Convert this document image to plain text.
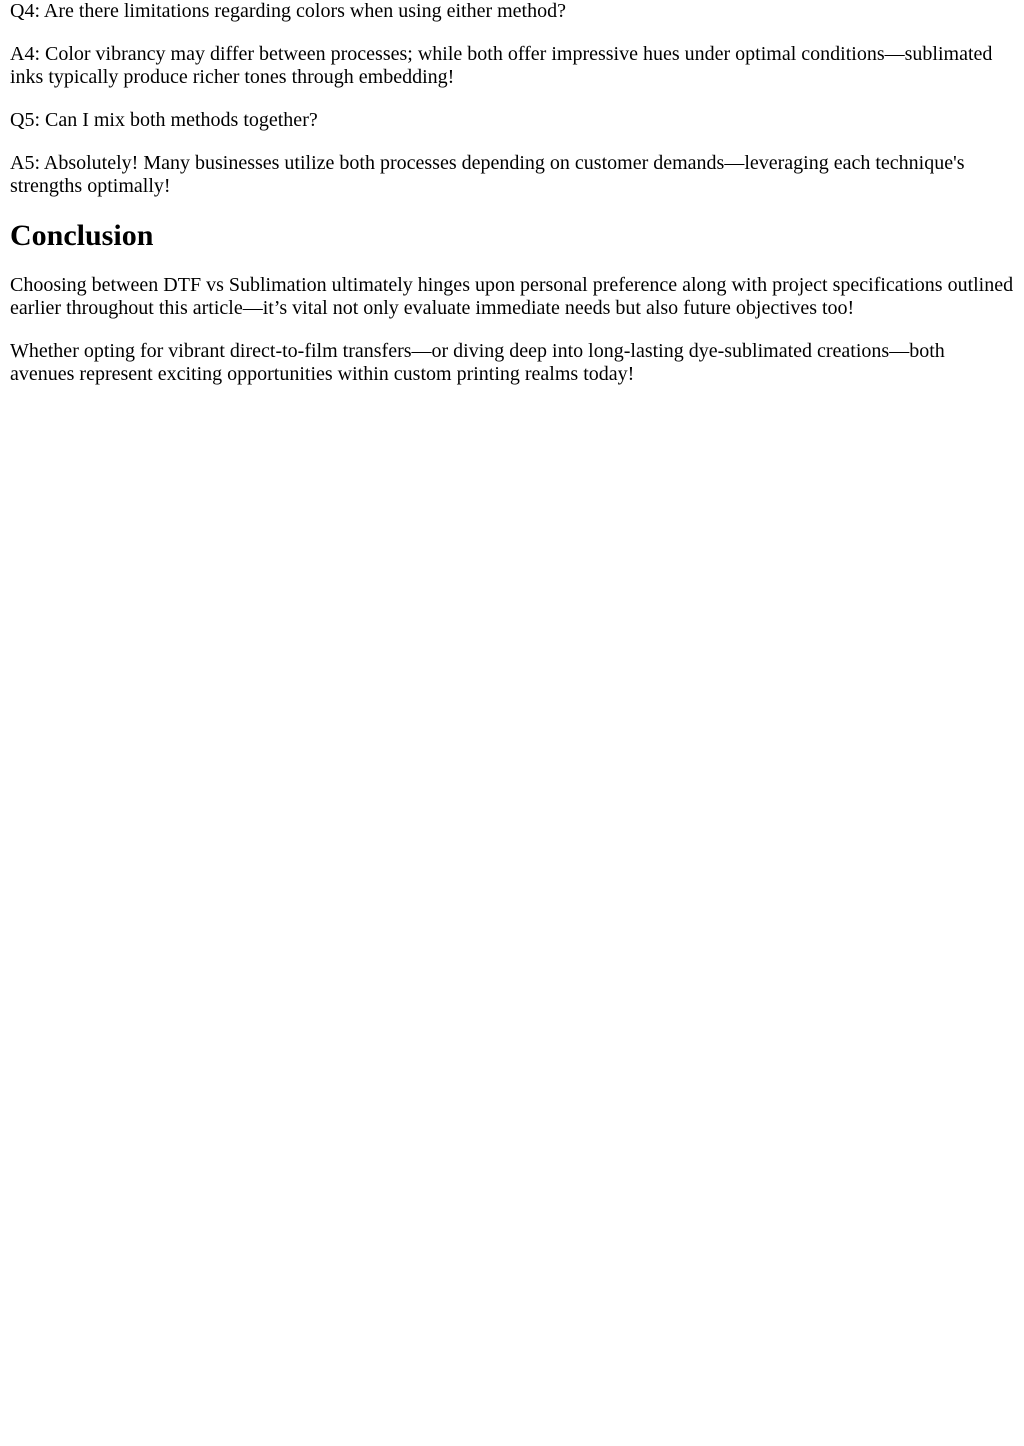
Q4: Are there limitations regarding colors when using either method?

A4: Color vibrancy may differ between processes; while both offer impressive hues under optimal conditions—sublimated inks typically produce richer tones through embedding!

Q5: Can I mix both methods together?

A5: Absolutely! Many businesses utilize both processes depending on customer demands—leveraging each technique's strengths optimally!

Conclusion

Choosing between DTF vs Sublimation ultimately hinges upon personal preference along with project specifications outlined earlier throughout this article—it’s vital not only evaluate immediate needs but also future objectives too!

Whether opting for vibrant direct-to-film transfers—or diving deep into long-lasting dye-sublimated creations—both avenues represent exciting opportunities within custom printing realms today!
